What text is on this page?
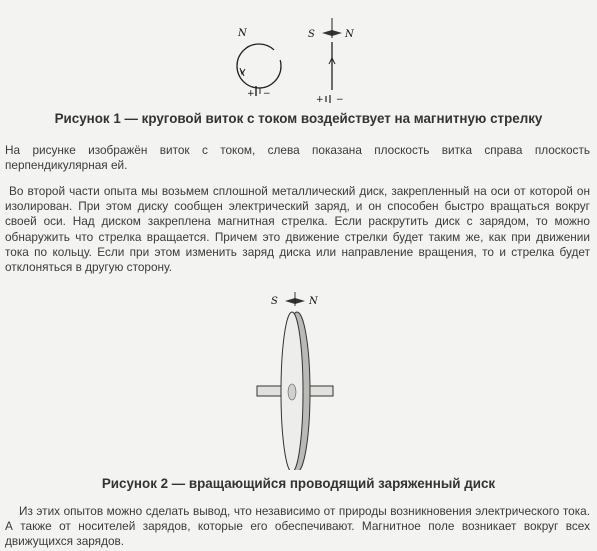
N
+ −
S	N
+ −
Рисунок 1 — круговой виток с током воздействует на магнитную стрелку

На рисунке изображён виток с током, слева показана плоскость витка справа плоскость перпендикулярная ей.

Во второй части опыта мы возьмем сплошной металлический диск, закрепленный на оси от которой он изолирован. При этом диску сообщен электрический заряд, и он способен быстро вращаться вокруг своей оси. Над диском закреплена магнитная стрелка. Если раскрутить диск с зарядом, то можно обнаружить что стрелка вращается. Причем это движение стрелки будет таким же, как при движении тока по кольцу. Если при этом изменить заряд диска или направление вращения, то и стрелка будет отклоняться в другую сторону.

S	N
Рисунок 2 — вращающийся проводящий заряженный диск

Из этих опытов можно сделать вывод, что независимо от природы возникновения электрического тока. А также от носителей зарядов, которые его обеспечивают. Магнитное поле возникает вокруг всех движущихся зарядов.
